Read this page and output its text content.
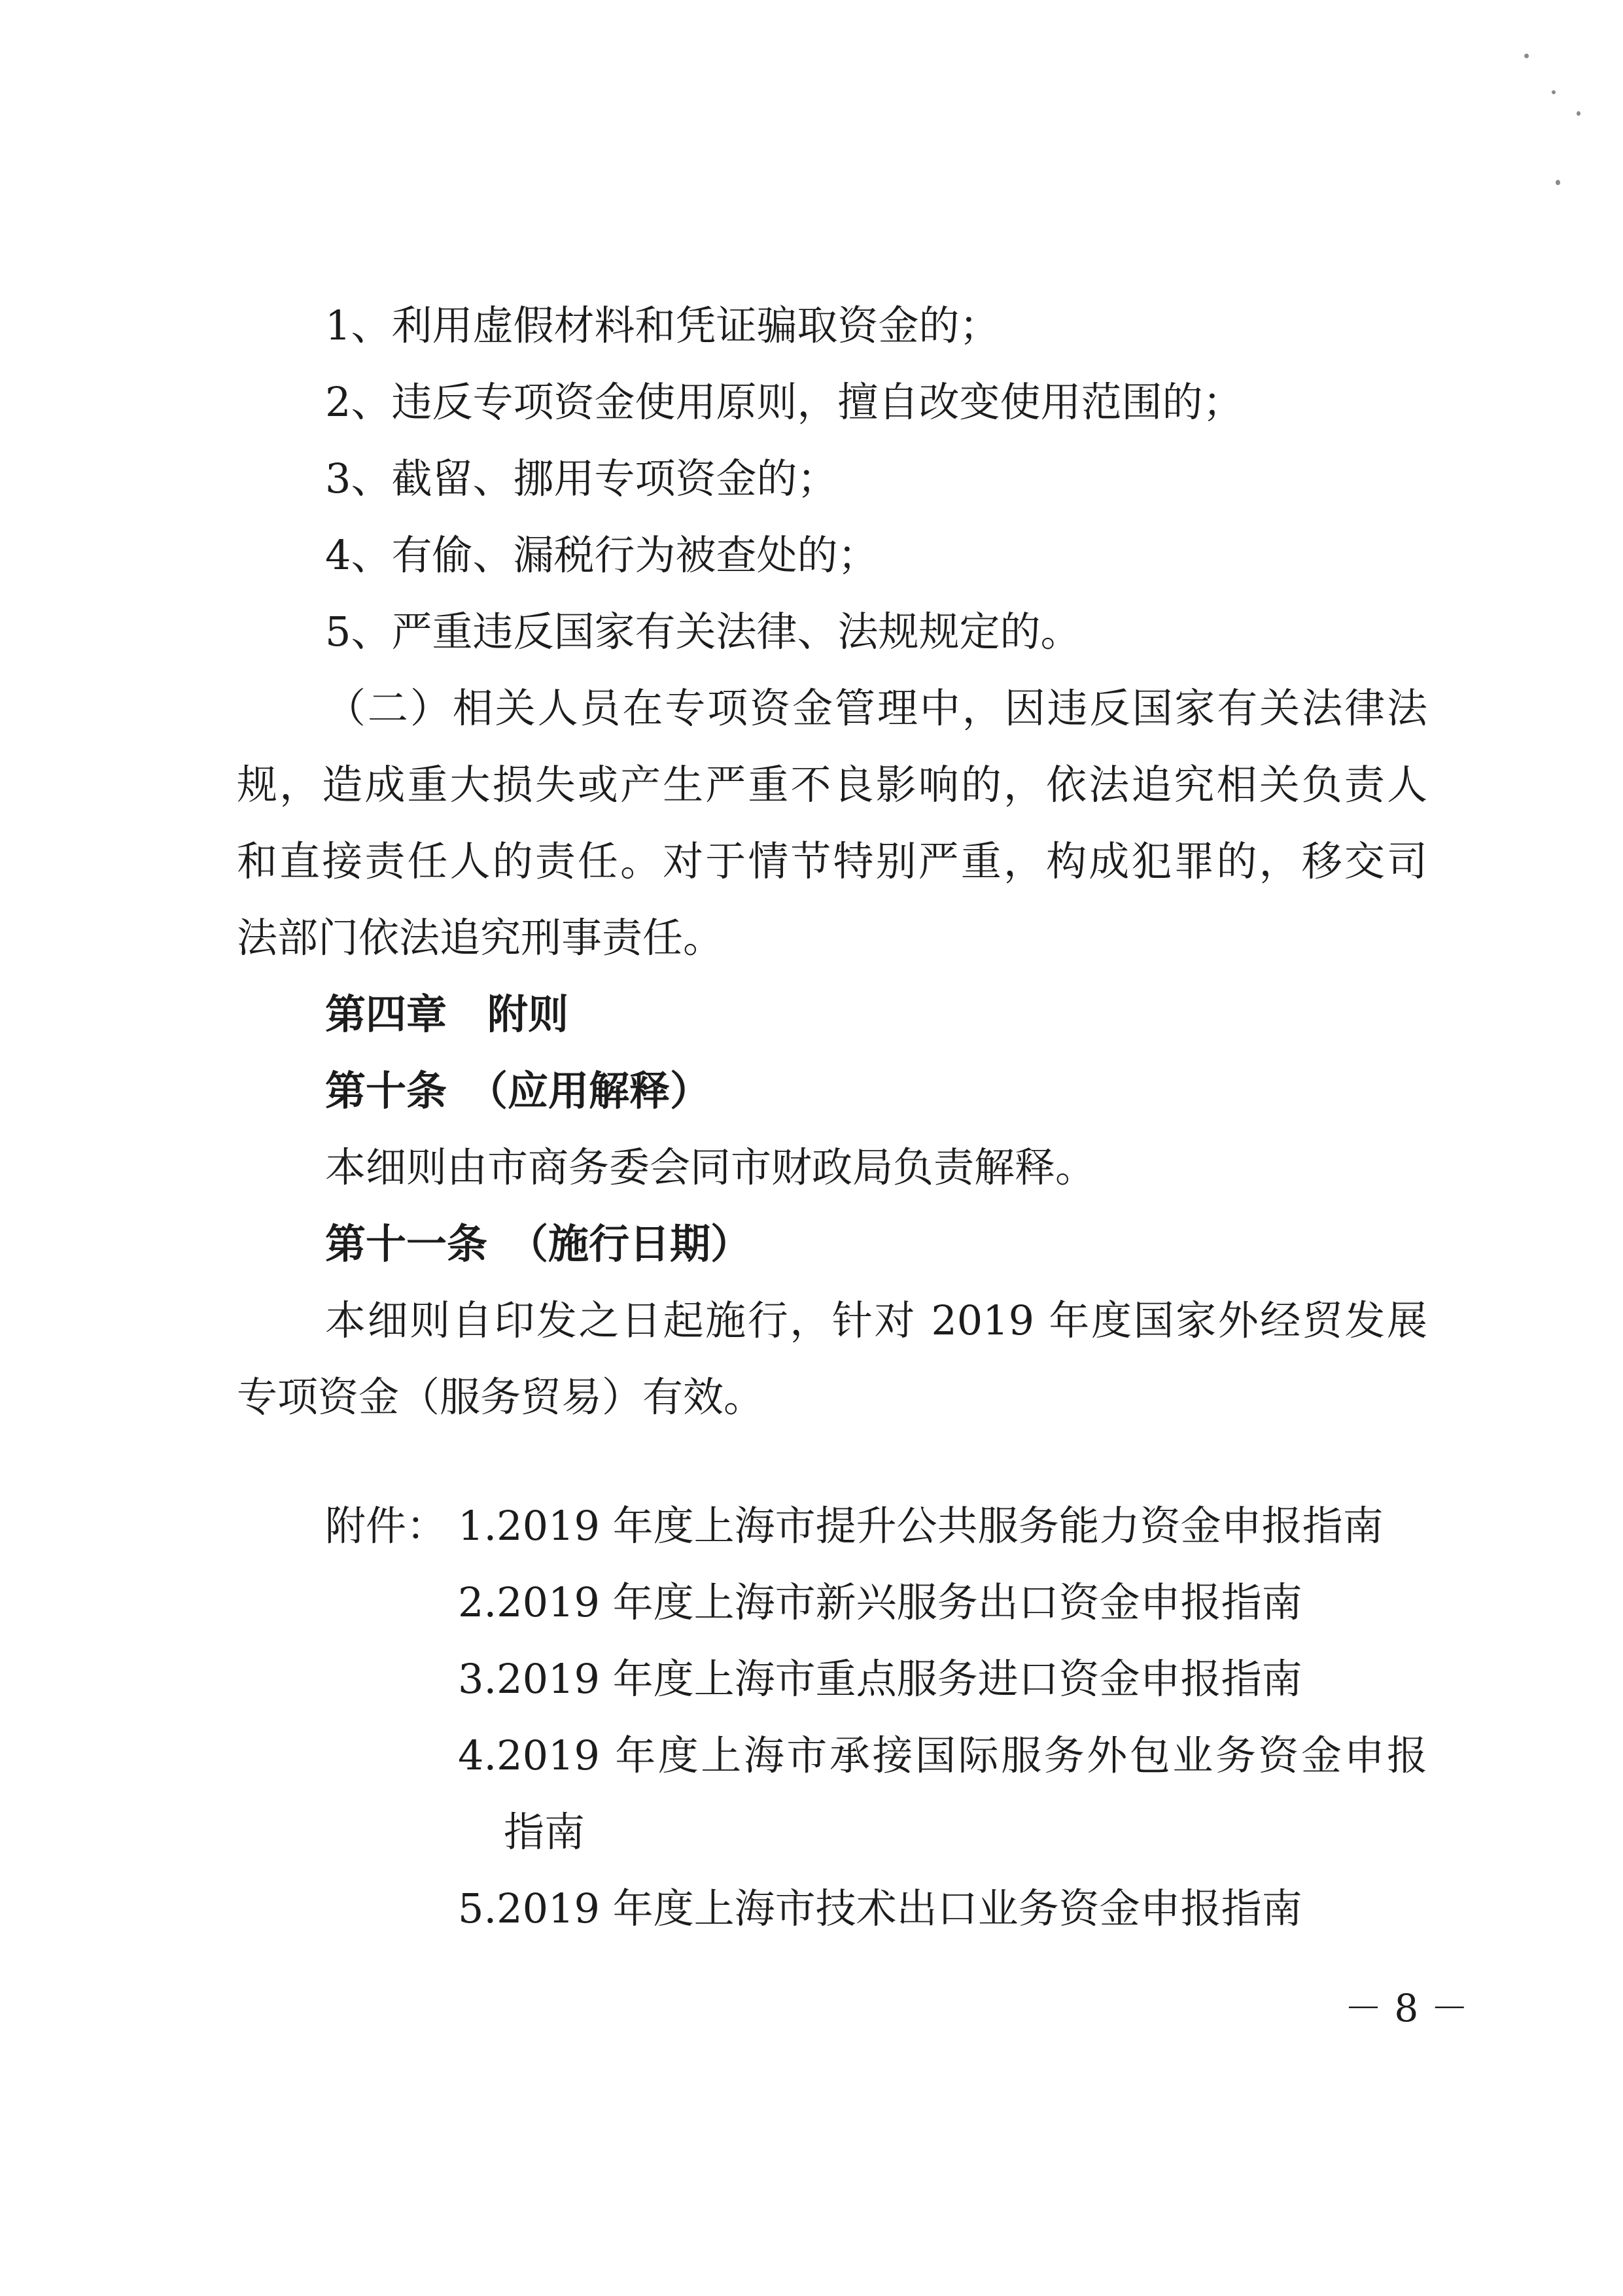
1、利用虚假材料和凭证骗取资金的；
2、违反专项资金使用原则，擅自改变使用范围的；
3、截留、挪用专项资金的；
4、有偷、漏税行为被查处的；
5、严重违反国家有关法律、法规规定的。
（二）相关人员在专项资金管理中，因违反国家有关法律法
规，造成重大损失或产生严重不良影响的，依法追究相关负责人
和直接责任人的责任。对于情节特别严重，构成犯罪的，移交司
法部门依法追究刑事责任。
第四章　附则
第十条　（应用解释）
本细则由市商务委会同市财政局负责解释。
第十一条　（施行日期）
本细则自印发之日起施行，针对 2019 年度国家外经贸发展
专项资金（服务贸易）有效。
附件： 1.2019 年度上海市提升公共服务能力资金申报指南
2.2019 年度上海市新兴服务出口资金申报指南
3.2019 年度上海市重点服务进口资金申报指南
4.2019 年度上海市承接国际服务外包业务资金申报
指南
5.2019 年度上海市技术出口业务资金申报指南
－ 8 －
